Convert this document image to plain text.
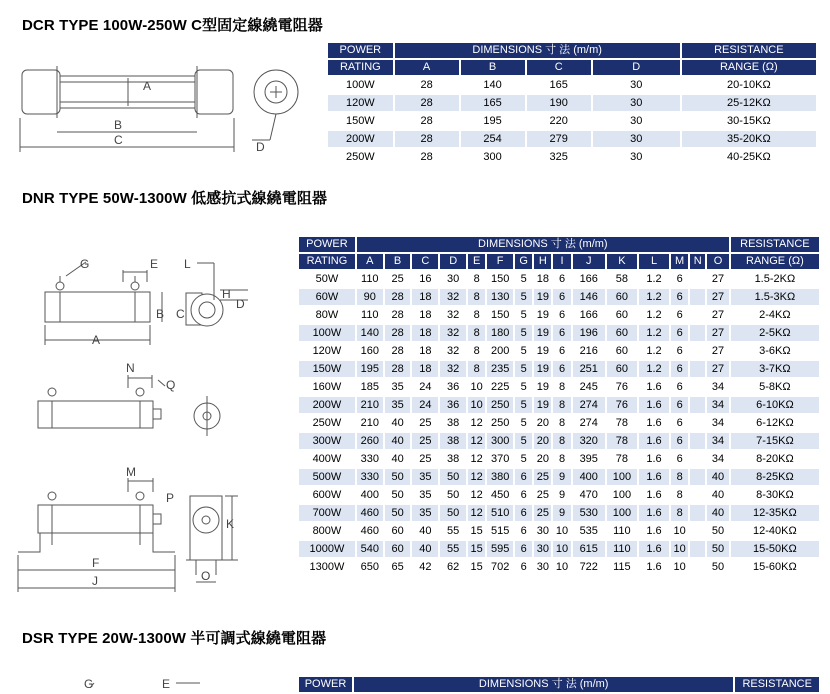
DCR TYPE 100W-250W C型固定線繞電阻器
A
B
C	D
G	E L
H
D
B C
A
N
Q
M
P
K
F
J	O
G	E
POWER	DIMENSIONS 寸 法 (m/m)				RESISTANCE
RATING	A	B	C	D	RANGE (Ω)
100W	28	140	165	30	20-10KΩ
120W	28	165	190	30	25-12KΩ
150W	28	195	220	30	30-15KΩ
200W	28	254	279	30	35-20KΩ
250W	28	300	325	30	40-25KΩ
DNR TYPE 50W-1300W 低感抗式線繞電阻器
POWER	DIMENSIONS 寸 法 (m/m)															RESISTANCE
RATING	A	B	C	D	E	F	G	H	I	J	K	L	M	N	O	RANGE (Ω)
50W	110	25	16	30	8	150	5	18	6	166	58	1.2	6		27	1.5-2KΩ
60W	90	28	18	32	8	130	5	19	6	146	60	1.2	6		27	1.5-3KΩ
80W	110	28	18	32	8	150	5	19	6	166	60	1.2	6		27	2-4KΩ
100W	140	28	18	32	8	180	5	19	6	196	60	1.2	6		27	2-5KΩ
120W	160	28	18	32	8	200	5	19	6	216	60	1.2	6		27	3-6KΩ
150W	195	28	18	32	8	235	5	19	6	251	60	1.2	6		27	3-7KΩ
160W	185	35	24	36	10	225	5	19	8	245	76	1.6	6		34	5-8KΩ
200W	210	35	24	36	10	250	5	19	8	274	76	1.6	6		34	6-10KΩ
250W	210	40	25	38	12	250	5	20	8	274	78	1.6	6		34	6-12KΩ
300W	260	40	25	38	12	300	5	20	8	320	78	1.6	6		34	7-15KΩ
400W	330	40	25	38	12	370	5	20	8	395	78	1.6	6		34	8-20KΩ
500W	330	50	35	50	12	380	6	25	9	400	100	1.6	8		40	8-25KΩ
600W	400	50	35	50	12	450	6	25	9	470	100	1.6	8		40	8-30KΩ
700W	460	50	35	50	12	510	6	25	9	530	100	1.6	8		40	12-35KΩ
800W	460	60	40	55	15	515	6	30	10	535	110	1.6	10		50	12-40KΩ
1000W	540	60	40	55	15	595	6	30	10	615	110	1.6	10		50	15-50KΩ
1300W	650	65	42	62	15	702	6	30	10	722	115	1.6	10		50	15-60KΩ
DSR TYPE 20W-1300W 半可調式線繞電阻器
POWER	DIMENSIONS 寸 法 (m/m)	RESISTANCE
